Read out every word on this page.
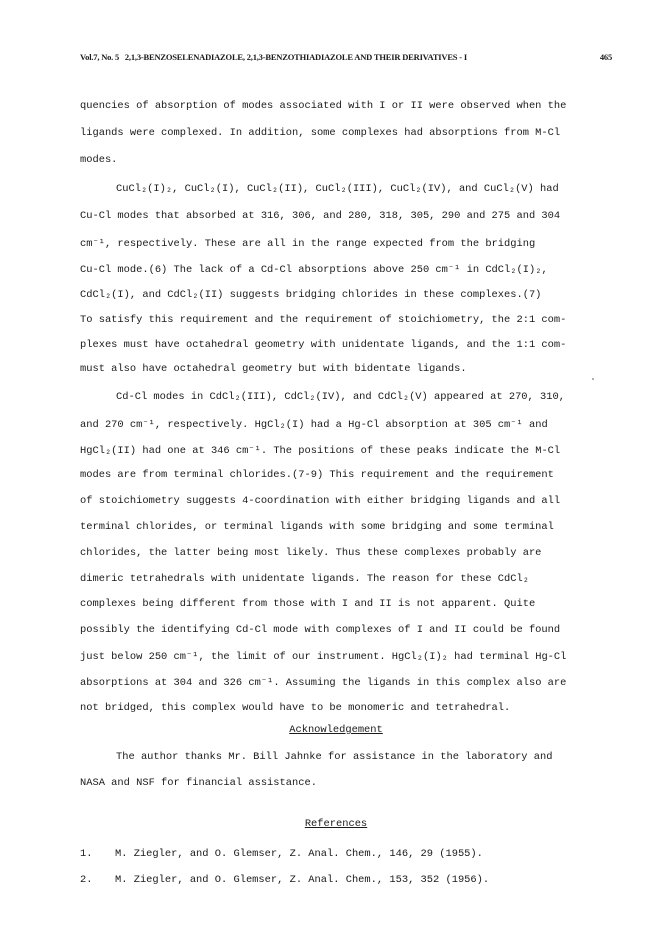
Vol.7, No. 5 2,1,3-BENZOSELENADIAZOLE, 2,1,3-BENZOTHIADIAZOLE AND THEIR DERIVATIVES - I	465
quencies of absorption of modes associated with I or II were observed when the
ligands were complexed. In addition, some complexes had absorptions from M-Cl
modes.
CuCl₂(I)₂, CuCl₂(I), CuCl₂(II), CuCl₂(III), CuCl₂(IV), and CuCl₂(V) had
Cu-Cl modes that absorbed at 316, 306, and 280, 318, 305, 290 and 275 and 304
cm⁻¹, respectively. These are all in the range expected from the bridging
Cu-Cl mode.(6) The lack of a Cd-Cl absorptions above 250 cm⁻¹ in CdCl₂(I)₂,
CdCl₂(I), and CdCl₂(II) suggests bridging chlorides in these complexes.(7)
To satisfy this requirement and the requirement of stoichiometry, the 2:1 com-
plexes must have octahedral geometry with unidentate ligands, and the 1:1 com-
must also have octahedral geometry but with bidentate ligands.
Cd-Cl modes in CdCl₂(III), CdCl₂(IV), and CdCl₂(V) appeared at 270, 310,
and 270 cm⁻¹, respectively. HgCl₂(I) had a Hg-Cl absorption at 305 cm⁻¹ and
HgCl₂(II) had one at 346 cm⁻¹. The positions of these peaks indicate the M-Cl
modes are from terminal chlorides.(7-9) This requirement and the requirement
of stoichiometry suggests 4-coordination with either bridging ligands and all
terminal chlorides, or terminal ligands with some bridging and some terminal
chlorides, the latter being most likely. Thus these complexes probably are
dimeric tetrahedrals with unidentate ligands. The reason for these CdCl₂
complexes being different from those with I and II is not apparent. Quite
possibly the identifying Cd-Cl mode with complexes of I and II could be found
just below 250 cm⁻¹, the limit of our instrument. HgCl₂(I)₂ had terminal Hg-Cl
absorptions at 304 and 326 cm⁻¹. Assuming the ligands in this complex also are
not bridged, this complex would have to be monomeric and tetrahedral.
Acknowledgement
The author thanks Mr. Bill Jahnke for assistance in the laboratory and
NASA and NSF for financial assistance.
References
1. M. Ziegler, and O. Glemser, Z. Anal. Chem., 146, 29 (1955).
2. M. Ziegler, and O. Glemser, Z. Anal. Chem., 153, 352 (1956).
